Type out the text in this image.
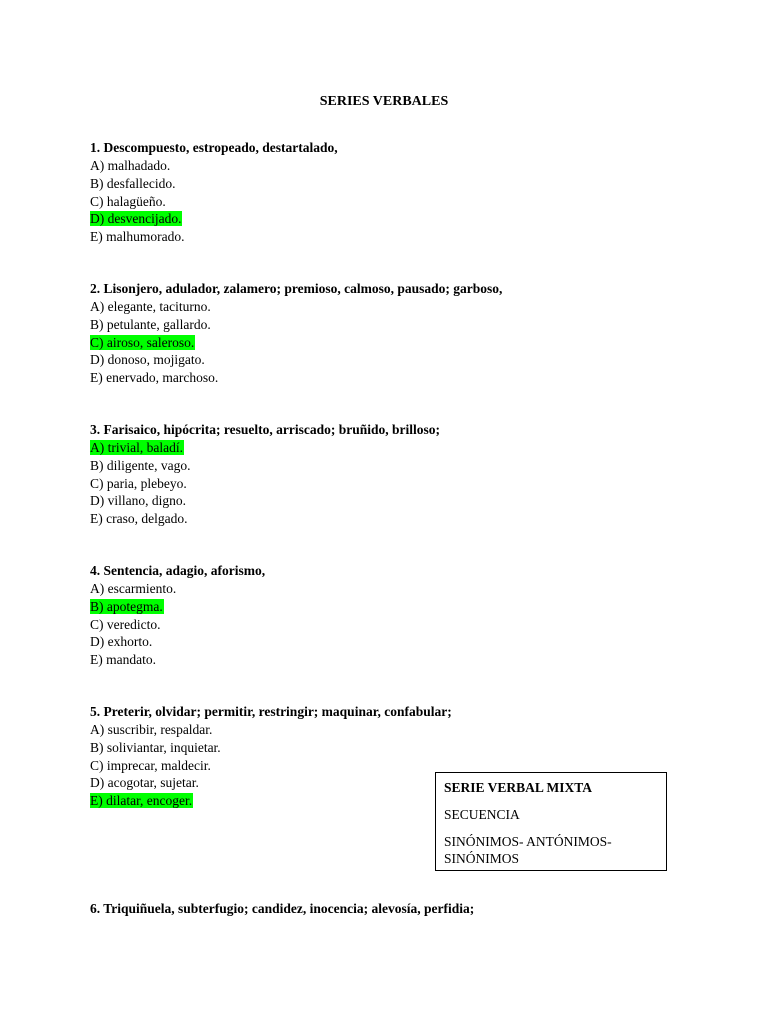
SERIES VERBALES
1. Descompuesto, estropeado, destartalado,
A) malhadado.
B) desfallecido.
C) halagüeño.
D) desvencijado.
E) malhumorado.
2. Lisonjero, adulador, zalamero; premioso, calmoso, pausado; garboso,
A) elegante, taciturno.
B) petulante, gallardo.
C) airoso, saleroso.
D) donoso, mojigato.
E) enervado, marchoso.
3. Farisaico, hipócrita; resuelto, arriscado; bruñido, brilloso;
A) trivial, baladí.
B) diligente, vago.
C) paria, plebeyo.
D) villano, digno.
E) craso, delgado.
4. Sentencia, adagio, aforismo,
A) escarmiento.
B) apotegma.
C) veredicto.
D) exhorto.
E) mandato.
5. Preterir, olvidar; permitir, restringir; maquinar, confabular;
A) suscribir, respaldar.
B) soliviantar, inquietar.
C) imprecar, maldecir.
D) acogotar, sujetar.
E) dilatar, encoger.
SERIE VERBAL MIXTA
SECUENCIA
SINÓNIMOS- ANTÓNIMOS-
SINÓNIMOS
6. Triquiñuela, subterfugio; candidez, inocencia; alevosía, perfidia;
